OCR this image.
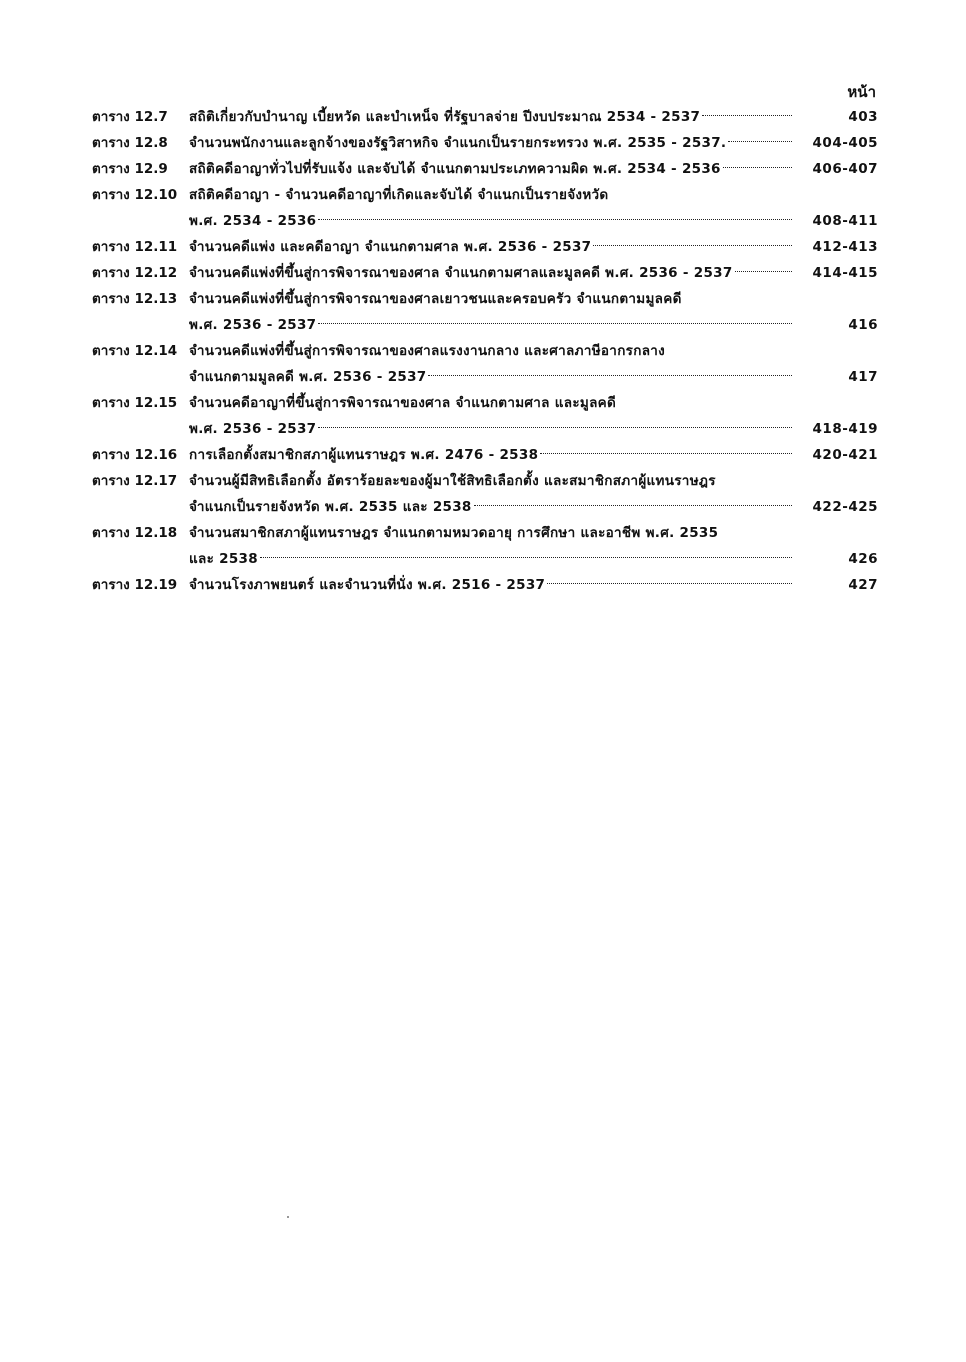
หน้า
ตาราง 12.7	สถิติเกี่ยวกับบำนาญ เบี้ยหวัด และบำเหน็จ ที่รัฐบาลจ่าย ปีงบประมาณ 2534 - 2537	403
ตาราง 12.8	จำนวนพนักงานและลูกจ้างของรัฐวิสาหกิจ จำแนกเป็นรายกระทรวง พ.ศ. 2535 - 2537.	404-405
ตาราง 12.9	สถิติคดีอาญาทั่วไปที่รับแจ้ง และจับได้ จำแนกตามประเภทความผิด พ.ศ. 2534 - 2536	406-407
ตาราง 12.10 สถิติคดีอาญา - จำนวนคดีอาญาที่เกิดและจับได้ จำแนกเป็นรายจังหวัด
พ.ศ. 2534 - 2536	408-411
ตาราง 12.11 จำนวนคดีแพ่ง และคดีอาญา จำแนกตามศาล พ.ศ. 2536 - 2537	412-413
ตาราง 12.12 จำนวนคดีแพ่งที่ขึ้นสู่การพิจารณาของศาล จำแนกตามศาลและมูลคดี พ.ศ. 2536 - 2537	414-415
ตาราง 12.13 จำนวนคดีแพ่งที่ขึ้นสู่การพิจารณาของศาลเยาวชนและครอบครัว จำแนกตามมูลคดี
พ.ศ. 2536 - 2537	416
ตาราง 12.14 จำนวนคดีแพ่งที่ขึ้นสู่การพิจารณาของศาลแรงงานกลาง และศาลภาษีอากรกลาง
จำแนกตามมูลคดี พ.ศ. 2536 - 2537	417
ตาราง 12.15 จำนวนคดีอาญาที่ขึ้นสู่การพิจารณาของศาล จำแนกตามศาล และมูลคดี
พ.ศ. 2536 - 2537	418-419
ตาราง 12.16 การเลือกตั้งสมาชิกสภาผู้แทนราษฎร พ.ศ. 2476 - 2538	420-421
ตาราง 12.17 จำนวนผู้มีสิทธิเลือกตั้ง อัตราร้อยละของผู้มาใช้สิทธิเลือกตั้ง และสมาชิกสภาผู้แทนราษฎร
จำแนกเป็นรายจังหวัด พ.ศ. 2535 และ 2538	422-425
ตาราง 12.18 จำนวนสมาชิกสภาผู้แทนราษฎร จำแนกตามหมวดอายุ การศึกษา และอาชีพ พ.ศ. 2535
และ 2538	426
ตาราง 12.19 จำนวนโรงภาพยนตร์ และจำนวนที่นั่ง พ.ศ. 2516 - 2537	427
